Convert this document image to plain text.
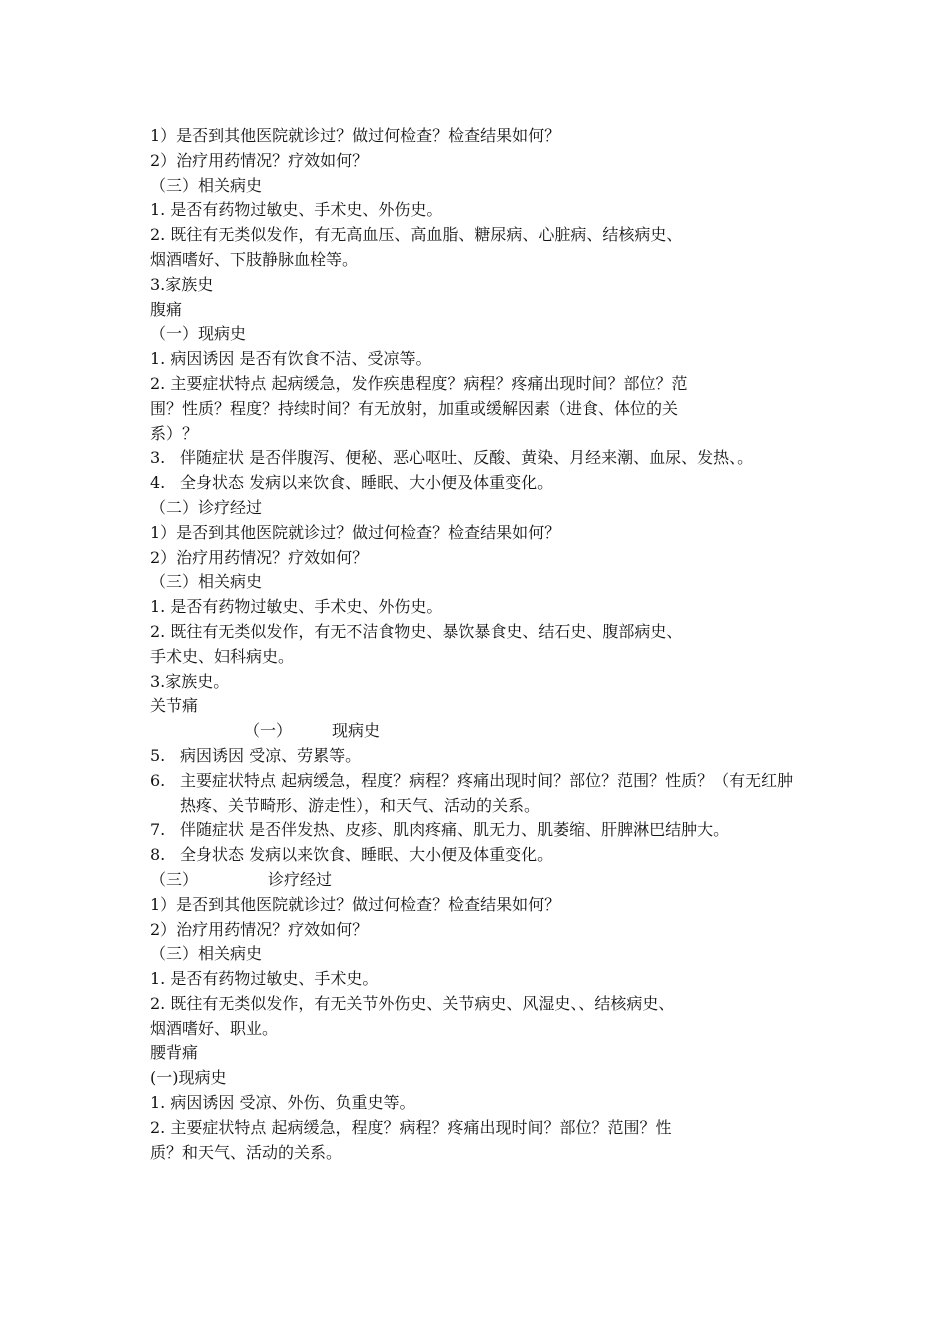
1）是否到其他医院就诊过？做过何检查？检查结果如何？
2）治疗用药情况？疗效如何？
（三）相关病史
1. 是否有药物过敏史、手术史、外伤史。
2. 既往有无类似发作，有无高血压、高血脂、糖尿病、心脏病、结核病史、
烟酒嗜好、下肢静脉血栓等。
3.家族史
腹痛
（一）现病史
1. 病因诱因 是否有饮食不洁、受凉等。
2. 主要症状特点 起病缓急，发作疾患程度？病程？疼痛出现时间？部位？范
围？性质？程度？持续时间？有无放射，加重或缓解因素（进食、体位的关
系）？
3. 伴随症状 是否伴腹泻、便秘、恶心呕吐、反酸、黄染、月经来潮、血尿、发热、。
4. 全身状态 发病以来饮食、睡眠、大小便及体重变化。
（二）诊疗经过
1）是否到其他医院就诊过？做过何检查？检查结果如何？
2）治疗用药情况？疗效如何？
（三）相关病史
1. 是否有药物过敏史、手术史、外伤史。
2. 既往有无类似发作，有无不洁食物史、暴饮暴食史、结石史、腹部病史、
手术史、妇科病史。
3.家族史。
关节痛
（一）	现病史
5. 病因诱因 受凉、劳累等。
6. 主要症状特点 起病缓急，程度？病程？疼痛出现时间？部位？范围？性质？（有无红肿热疼、关节畸形、游走性），和天气、活动的关系。
7. 伴随症状 是否伴发热、皮疹、肌肉疼痛、肌无力、肌萎缩、肝脾淋巴结肿大。
8. 全身状态 发病以来饮食、睡眠、大小便及体重变化。
（三）	诊疗经过
1）是否到其他医院就诊过？做过何检查？检查结果如何？
2）治疗用药情况？疗效如何？
（三）相关病史
1. 是否有药物过敏史、手术史。
2. 既往有无类似发作，有无关节外伤史、关节病史、风湿史、、结核病史、
烟酒嗜好、职业。
腰背痛
(一)现病史
1. 病因诱因 受凉、外伤、负重史等。
2. 主要症状特点 起病缓急，程度？病程？疼痛出现时间？部位？范围？性
质？和天气、活动的关系。
